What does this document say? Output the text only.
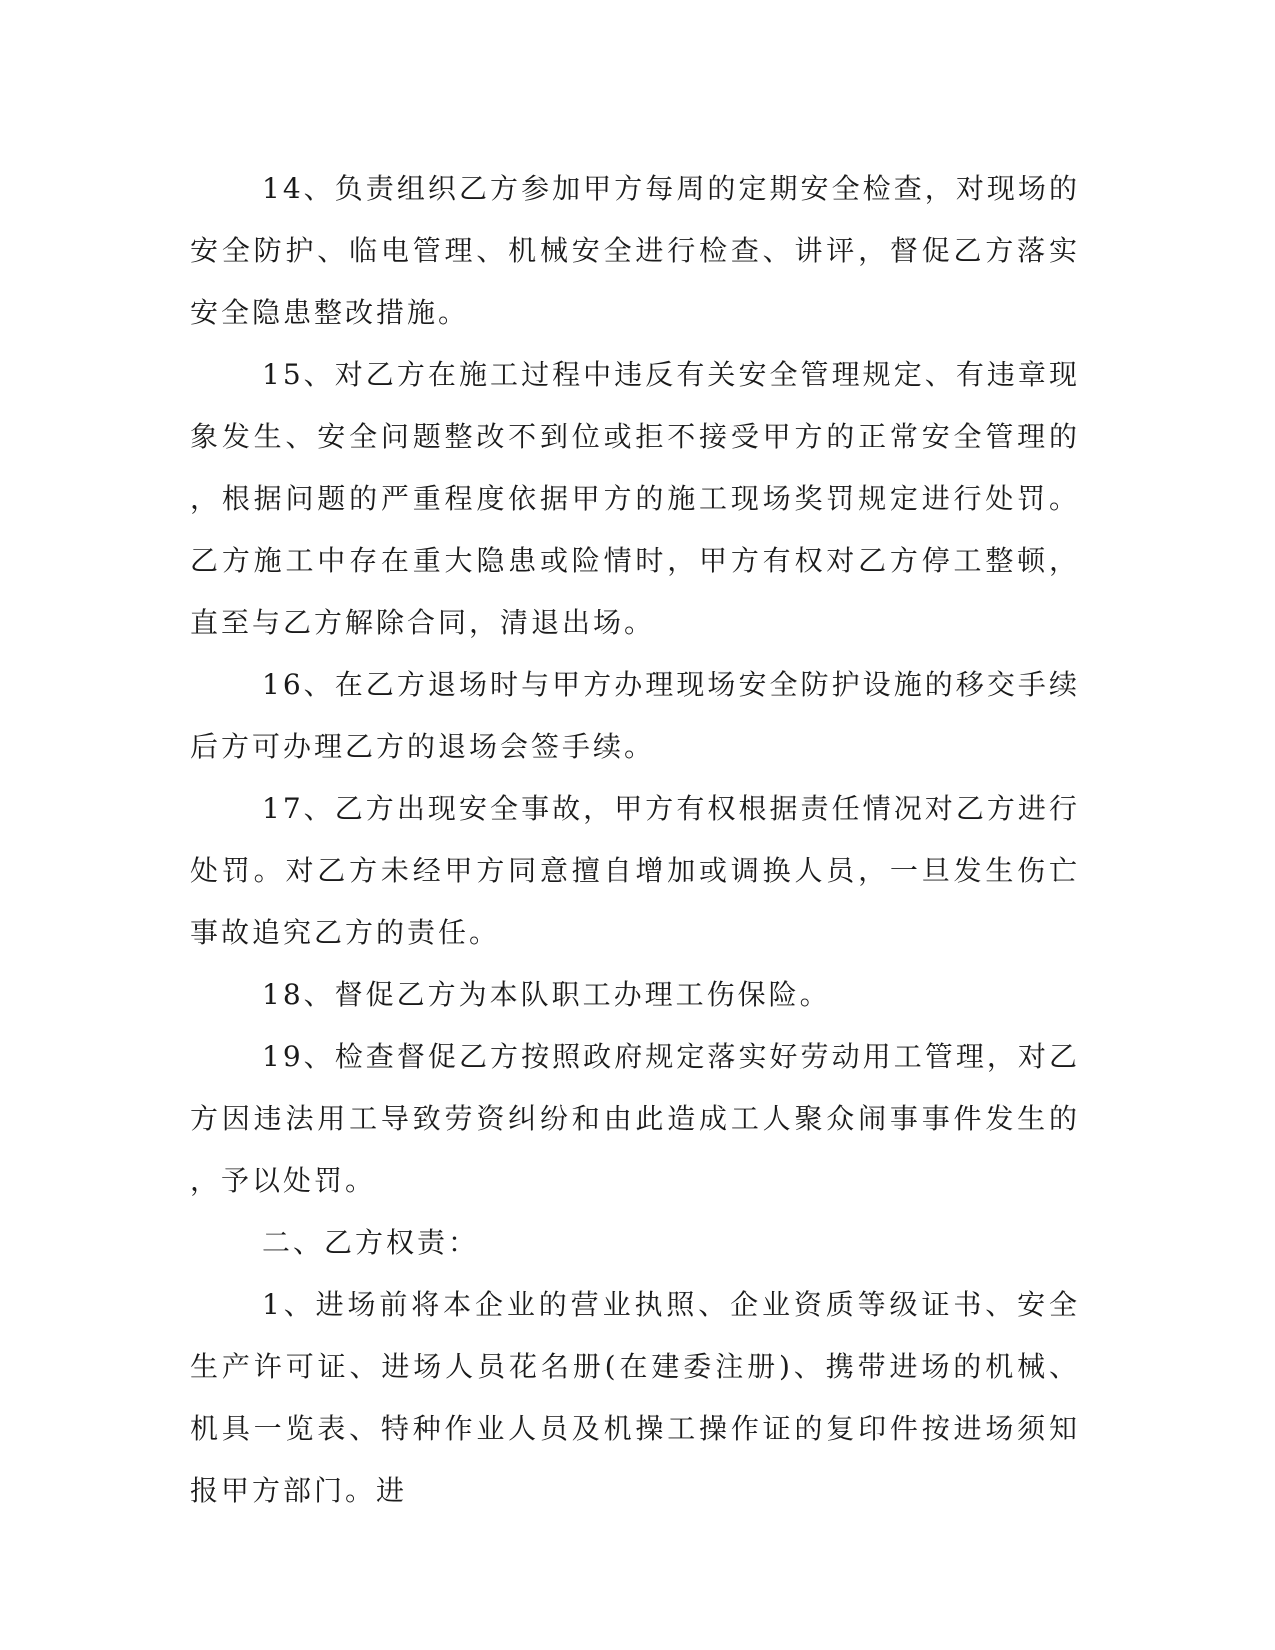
14、负责组织乙方参加甲方每周的定期安全检查，对现场的安全防护、临电管理、机械安全进行检查、讲评，督促乙方落实安全隐患整改措施。

15、对乙方在施工过程中违反有关安全管理规定、有违章现象发生、安全问题整改不到位或拒不接受甲方的正常安全管理的，根据问题的严重程度依据甲方的施工现场奖罚规定进行处罚。乙方施工中存在重大隐患或险情时，甲方有权对乙方停工整顿，直至与乙方解除合同，清退出场。

16、在乙方退场时与甲方办理现场安全防护设施的移交手续后方可办理乙方的退场会签手续。

17、乙方出现安全事故，甲方有权根据责任情况对乙方进行处罚。对乙方未经甲方同意擅自增加或调换人员，一旦发生伤亡事故追究乙方的责任。

18、督促乙方为本队职工办理工伤保险。

19、检查督促乙方按照政府规定落实好劳动用工管理，对乙方因违法用工导致劳资纠纷和由此造成工人聚众闹事事件发生的，予以处罚。

二、乙方权责：

1、进场前将本企业的营业执照、企业资质等级证书、安全生产许可证、进场人员花名册(在建委注册)、携带进场的机械、机具一览表、特种作业人员及机操工操作证的复印件按进场须知报甲方部门。进
